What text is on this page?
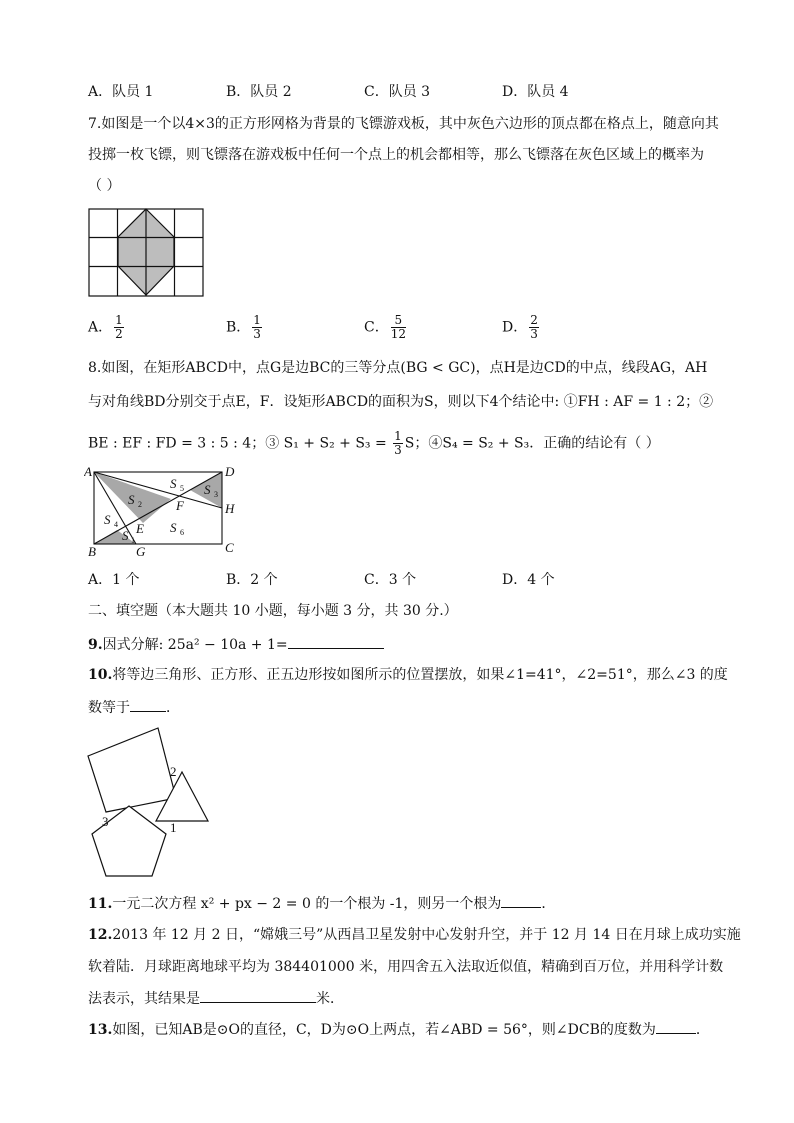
A．队员 1	B．队员 2	C．队员 3	D．队员 4
7.如图是一个以4×3的正方形网格为背景的飞镖游戏板，其中灰色六边形的顶点都在格点上，随意向其
投掷一枚飞镖，则飞镖落在游戏板中任何一个点上的机会都相等，那么飞镖落在灰色区域上的概率为
（ ）
A． $\frac{1}{2}$	B． $\frac{1}{3}$	C． $\frac{5}{12}$	D． $\frac{2}{3}$
8.如图，在矩形ABCD中，点G是边BC的三等分点(BG < GC)，点H是边CD的中点，线段AG，AH
与对角线BD分别交于点E，F．设矩形ABCD的面积为S，则以下4个结论中: ①FH : AF = 1 : 2；②
BE : EF : FD = 3 : 5 : 4；③ $S_1 + S_2 + S_3 = \frac{1}{3}$ S；④S₄ = S₂ + S₃．正确的结论有（ ）
A	D
C
B	G
H
F
E
S 2
S 5 S 3
S 4
S 1
S 6
A．1 个	B．2 个	C．3 个	D．4 个
二、填空题（本大题共 10 小题，每小题 3 分，共 30 分.）
9.因式分解: 25a² − 10a + 1=
10.将等边三角形、正方形、正五边形按如图所示的位置摆放，如果∠1=41°，∠2=51°，那么∠3 的度
数等于	．
2
1
3
11.一元二次方程 x² + px − 2 = 0 的一个根为 -1，则另一个根为	．
12.2013 年 12 月 2 日，“嫦娥三号”从西昌卫星发射中心发射升空，并于 12 月 14 日在月球上成功实施
软着陆．月球距离地球平均为 384401000 米，用四舍五入法取近似值，精确到百万位，并用科学计数
法表示，其结果是	米．
13.如图，已知AB是⊙O的直径，C，D为⊙O上两点，若∠ABD = 56°，则∠DCB的度数为	．
